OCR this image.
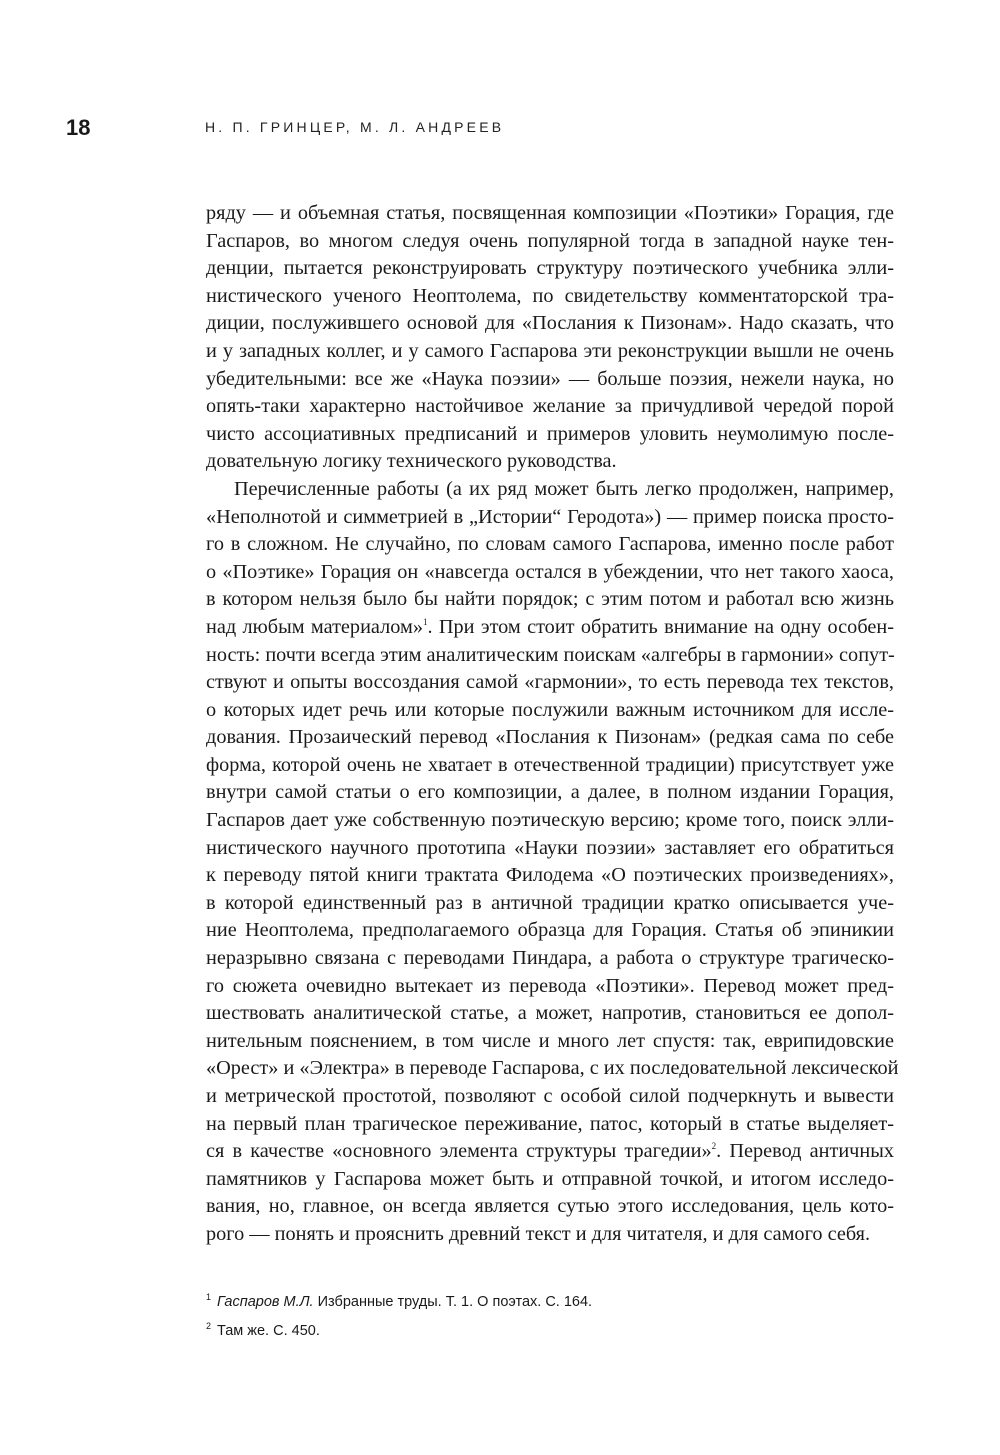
18	Н. П. ГРИНЦЕР, М. Л. АНДРЕЕВ

ряду — и объемная статья, посвященная композиции «Поэтики» Горация, где
Гаспаров, во многом следуя очень популярной тогда в западной науке тен-
денции, пытается реконструировать структуру поэтического учебника элли-
нистического ученого Неоптолема, по свидетельству комментаторской тра-
диции, послужившего основой для «Послания к Пизонам». Надо сказать, что
и у западных коллег, и у самого Гаспарова эти реконструкции вышли не очень
убедительными: все же «Наука поэзии» — больше поэзия, нежели наука, но
опять-таки характерно настойчивое желание за причудливой чередой порой
чисто ассоциативных предписаний и примеров уловить неумолимую после-
довательную логику технического руководства.
Перечисленные работы (а их ряд может быть легко продолжен, например,
«Неполнотой и симметрией в „Истории“ Геродота») — пример поиска просто-
го в сложном. Не случайно, по словам самого Гаспарова, именно после работ
о «Поэтике» Горация он «навсегда остался в убеждении, что нет такого хаоса,
в котором нельзя было бы найти порядок; с этим потом и работал всю жизнь
над любым материалом»$^1$. При этом стоит обратить внимание на одну особен-
ность: почти всегда этим аналитическим поискам «алгебры в гармонии» сопут-
ствуют и опыты воссоздания самой «гармонии», то есть перевода тех текстов,
о которых идет речь или которые послужили важным источником для иссле-
дования. Прозаический перевод «Послания к Пизонам» (редкая сама по себе
форма, которой очень не хватает в отечественной традиции) присутствует уже
внутри самой статьи о его композиции, а далее, в полном издании Горация,
Гаспаров дает уже собственную поэтическую версию; кроме того, поиск элли-
нистического научного прототипа «Науки поэзии» заставляет его обратиться
к переводу пятой книги трактата Филодема «О поэтических произведениях»,
в которой единственный раз в античной традиции кратко описывается уче-
ние Неоптолема, предполагаемого образца для Горация. Статья об эпиникии
неразрывно связана с переводами Пиндара, а работа о структуре трагическо-
го сюжета очевидно вытекает из перевода «Поэтики». Перевод может пред-
шествовать аналитической статье, а может, напротив, становиться ее допол-
нительным пояснением, в том числе и много лет спустя: так, еврипидовские
«Орест» и «Электра» в переводе Гаспарова, с их последовательной лексической
и метрической простотой, позволяют с особой силой подчеркнуть и вывести
на первый план трагическое переживание, патос, который в статье выделяет-
ся в качестве «основного элемента структуры трагедии»$^2$. Перевод античных
памятников у Гаспарова может быть и отправной точкой, и итогом исследо-
вания, но, главное, он всегда является сутью этого исследования, цель кото-
рого — понять и прояснить древний текст и для читателя, и для самого себя.

$^1$ Гаспаров М.Л. Избранные труды. Т. 1. О поэтах. С. 164.

$^2$ Там же. С. 450.
